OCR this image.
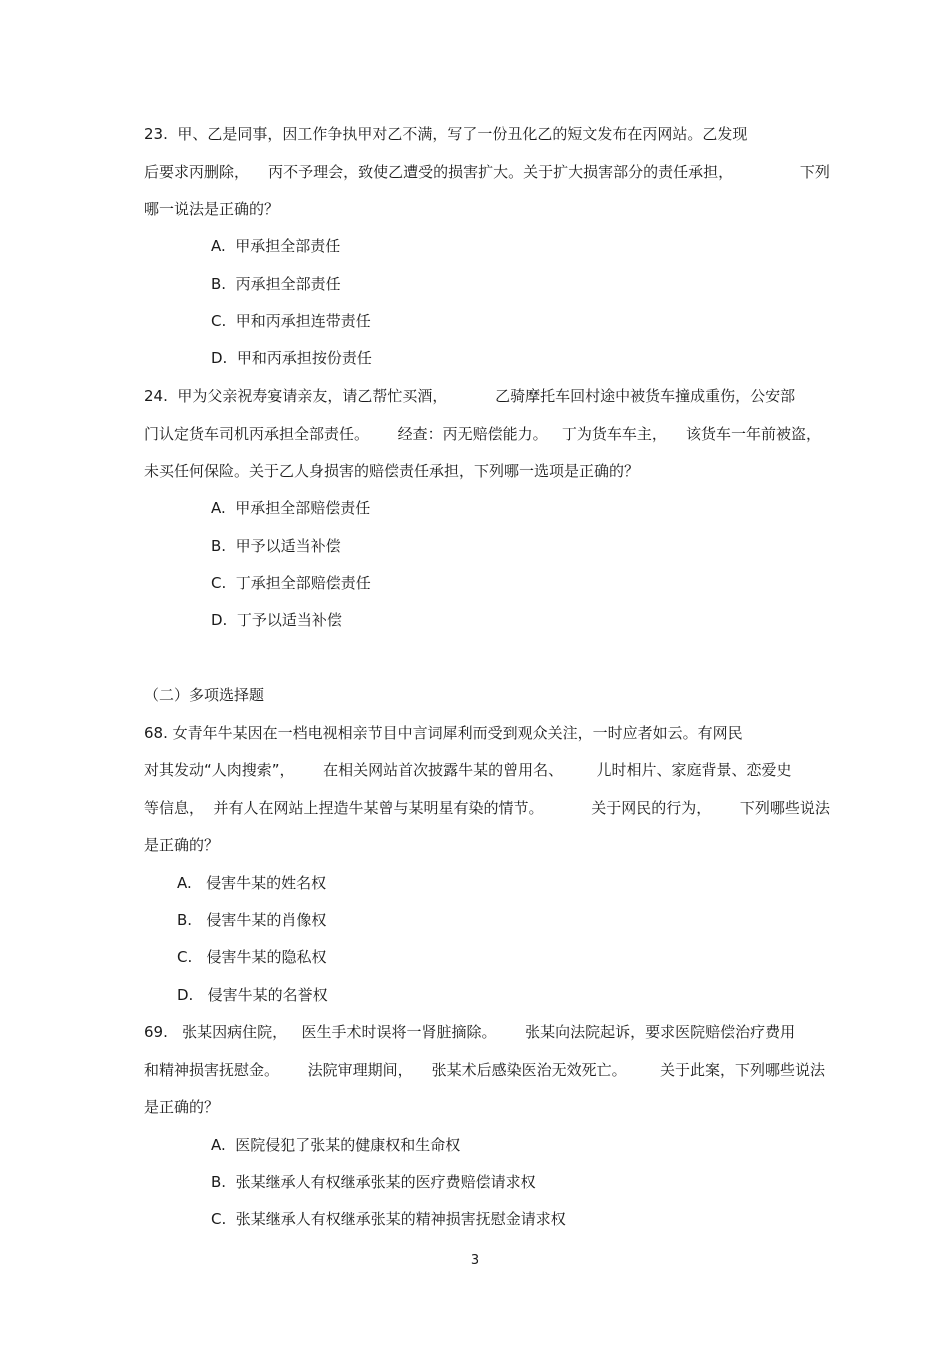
23.  甲、乙是同事，因工作争执甲对乙不满，写了一份丑化乙的短文发布在丙网站。乙发现
后要求丙删除，    丙不予理会，致使乙遭受的损害扩大。关于扩大损害部分的责任承担，              下列
哪一说法是正确的？
A.  甲承担全部责任
B.  丙承担全部责任
C.  甲和丙承担连带责任
D.  甲和丙承担按份责任
24.  甲为父亲祝寿宴请亲友，请乙帮忙买酒，          乙骑摩托车回村途中被货车撞成重伤，公安部
门认定货车司机丙承担全部责任。      经查：丙无赔偿能力。   丁为货车车主，    该货车一年前被盗，
未买任何保险。关于乙人身损害的赔偿责任承担，下列哪一选项是正确的？
A.  甲承担全部赔偿责任
B.  甲予以适当补偿
C.  丁承担全部赔偿责任
D.  丁予以适当补偿
（二）多项选择题
68. 女青年牛某因在一档电视相亲节目中言词犀利而受到观众关注，一时应者如云。有网民
对其发动“人肉搜索”，      在相关网站首次披露牛某的曾用名、       儿时相片、家庭背景、恋爱史
等信息，  并有人在网站上捏造牛某曾与某明星有染的情节。          关于网民的行为，      下列哪些说法
是正确的？
A.   侵害牛某的姓名权
B.   侵害牛某的肖像权
C.   侵害牛某的隐私权
D.   侵害牛某的名誉权
69.   张某因病住院，   医生手术时误将一肾脏摘除。      张某向法院起诉，要求医院赔偿治疗费用
和精神损害抚慰金。      法院审理期间，    张某术后感染医治无效死亡。       关于此案，下列哪些说法
是正确的？
A.  医院侵犯了张某的健康权和生命权
B.  张某继承人有权继承张某的医疗费赔偿请求权
C.  张某继承人有权继承张某的精神损害抚慰金请求权
3
